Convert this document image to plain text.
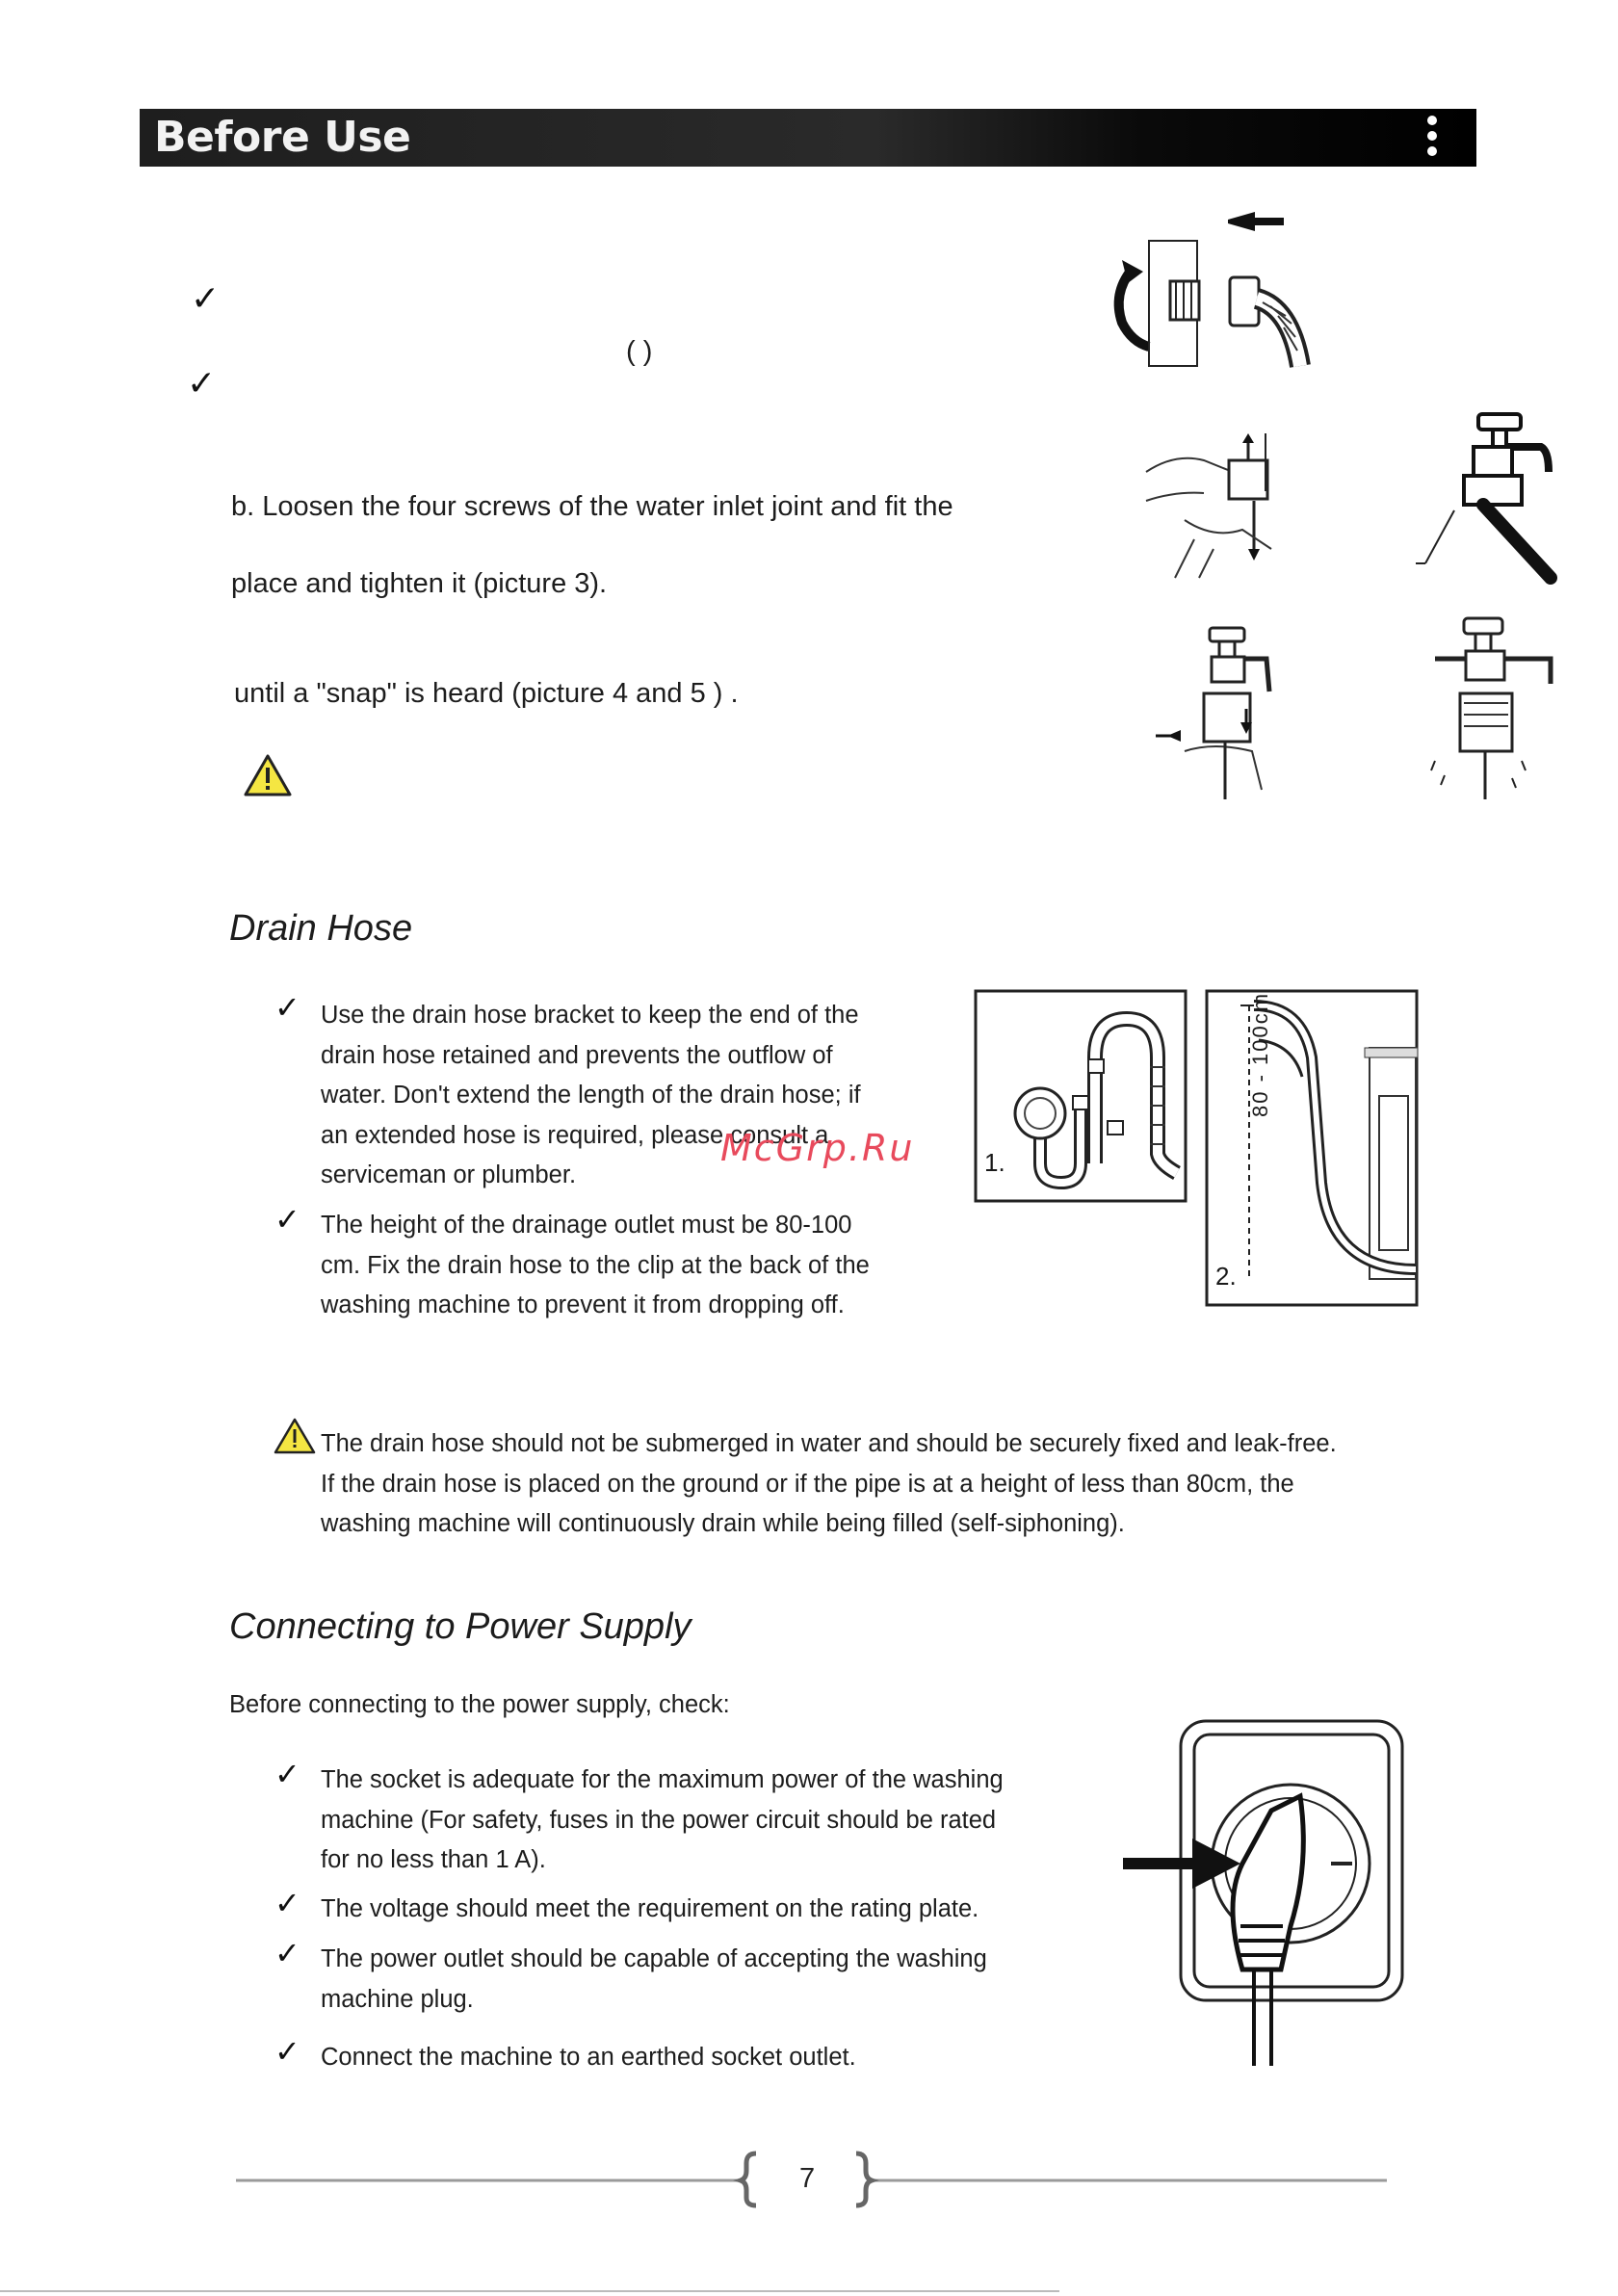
Before Use
✓
( )
✓
b. Loosen the four screws of the water inlet joint and fit the
place and tighten it (picture 3).
until a "snap" is heard (picture 4 and 5 ) .
Drain Hose
✓ Use the drain hose bracket to keep the end of the
drain hose retained and prevents the outflow of
water. Don't extend the length of the drain hose; if
an extended hose is required, please consult a
serviceman or plumber.
✓ The height of the drainage outlet must be 80-100
cm. Fix the drain hose to the clip at the back of the
washing machine to prevent it from dropping off.
1.
80 - 100cm
2.
McGrp.Ru
The drain hose should not be submerged in water and should be securely fixed and leak-free.
If the drain hose is placed on the ground or if the pipe is at a height of less than 80cm, the
washing machine will continuously drain while being filled (self-siphoning).
Connecting to Power Supply
Before connecting to the power supply, check:
✓ The socket is adequate for the maximum power of the washing
machine (For safety, fuses in the power circuit should be rated
for no less than 1 A).
✓ The voltage should meet the requirement on the rating plate.
✓ The power outlet should be capable of accepting the washing
machine plug.
✓ Connect the machine to an earthed socket outlet.
7
